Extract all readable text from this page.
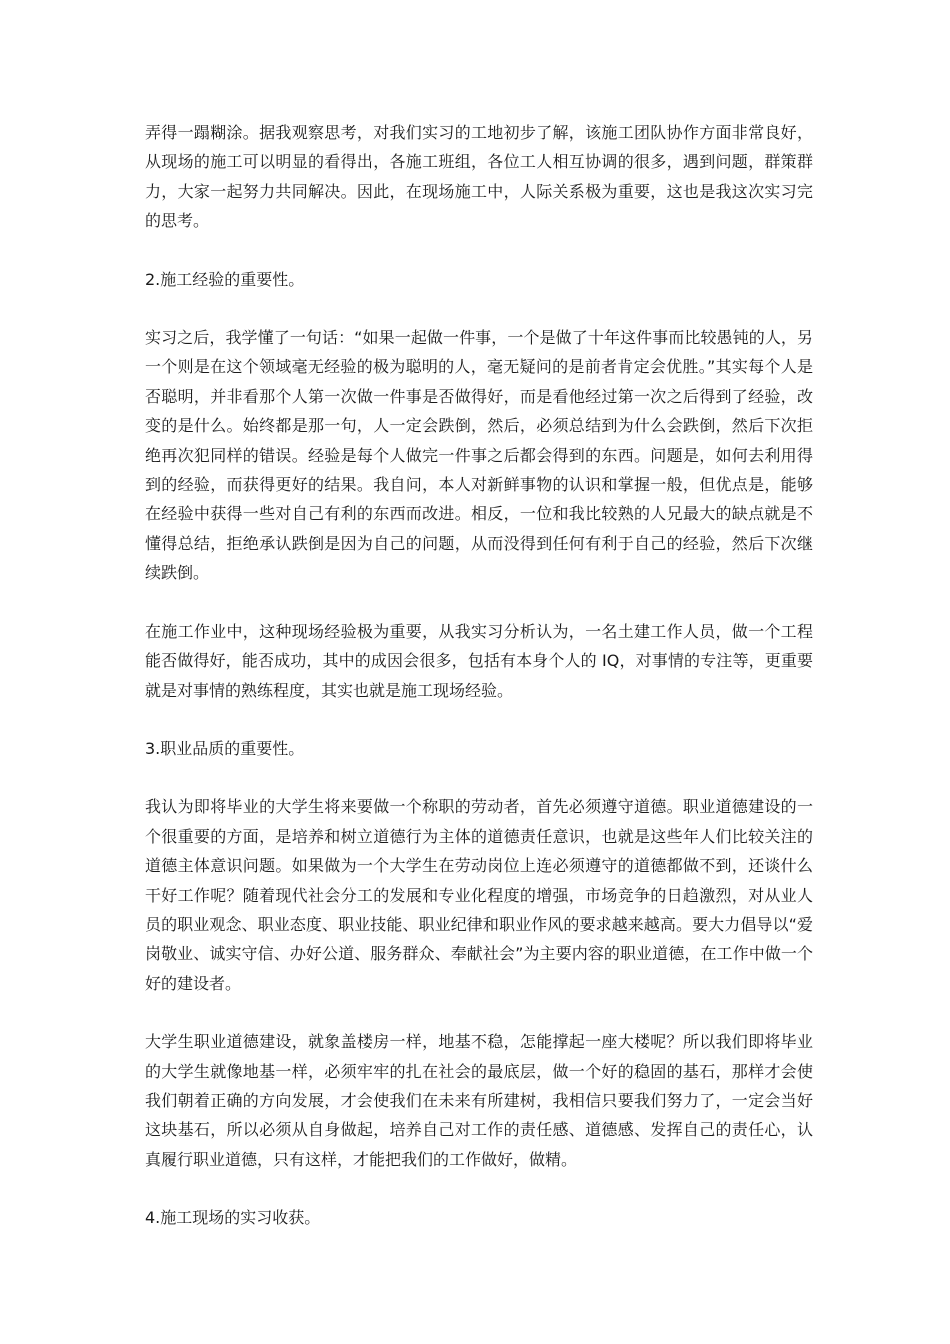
弄得一蹋糊涂。据我观察思考，对我们实习的工地初步了解，该施工团队协作方面非常良好，从现场的施工可以明显的看得出，各施工班组，各位工人相互协调的很多，遇到问题，群策群力，大家一起努力共同解决。因此，在现场施工中，人际关系极为重要，这也是我这次实习完的思考。

2.施工经验的重要性。

实习之后，我学懂了一句话：“如果一起做一件事，一个是做了十年这件事而比较愚钝的人，另一个则是在这个领域毫无经验的极为聪明的人，毫无疑问的是前者肯定会优胜。”其实每个人是否聪明，并非看那个人第一次做一件事是否做得好，而是看他经过第一次之后得到了经验，改变的是什么。始终都是那一句，人一定会跌倒，然后，必须总结到为什么会跌倒，然后下次拒绝再次犯同样的错误。经验是每个人做完一件事之后都会得到的东西。问题是，如何去利用得到的经验，而获得更好的结果。我自问，本人对新鲜事物的认识和掌握一般，但优点是，能够在经验中获得一些对自己有利的东西而改进。相反，一位和我比较熟的人兄最大的缺点就是不懂得总结，拒绝承认跌倒是因为自己的问题，从而没得到任何有利于自己的经验，然后下次继续跌倒。

在施工作业中，这种现场经验极为重要，从我实习分析认为，一名土建工作人员，做一个工程能否做得好，能否成功，其中的成因会很多，包括有本身个人的 IQ，对事情的专注等，更重要就是对事情的熟练程度，其实也就是施工现场经验。

3.职业品质的重要性。

我认为即将毕业的大学生将来要做一个称职的劳动者，首先必须遵守道德。职业道德建设的一个很重要的方面，是培养和树立道德行为主体的道德责任意识，也就是这些年人们比较关注的道德主体意识问题。如果做为一个大学生在劳动岗位上连必须遵守的道德都做不到，还谈什么干好工作呢？随着现代社会分工的发展和专业化程度的增强，市场竞争的日趋激烈，对从业人员的职业观念、职业态度、职业技能、职业纪律和职业作风的要求越来越高。要大力倡导以“爱岗敬业、诚实守信、办好公道、服务群众、奉献社会”为主要内容的职业道德，在工作中做一个好的建设者。

大学生职业道德建设，就象盖楼房一样，地基不稳，怎能撑起一座大楼呢？所以我们即将毕业的大学生就像地基一样，必须牢牢的扎在社会的最底层，做一个好的稳固的基石，那样才会使我们朝着正确的方向发展，才会使我们在未来有所建树，我相信只要我们努力了，一定会当好这块基石，所以必须从自身做起，培养自己对工作的责任感、道德感、发挥自己的责任心，认真履行职业道德，只有这样，才能把我们的工作做好，做精。

4.施工现场的实习收获。
